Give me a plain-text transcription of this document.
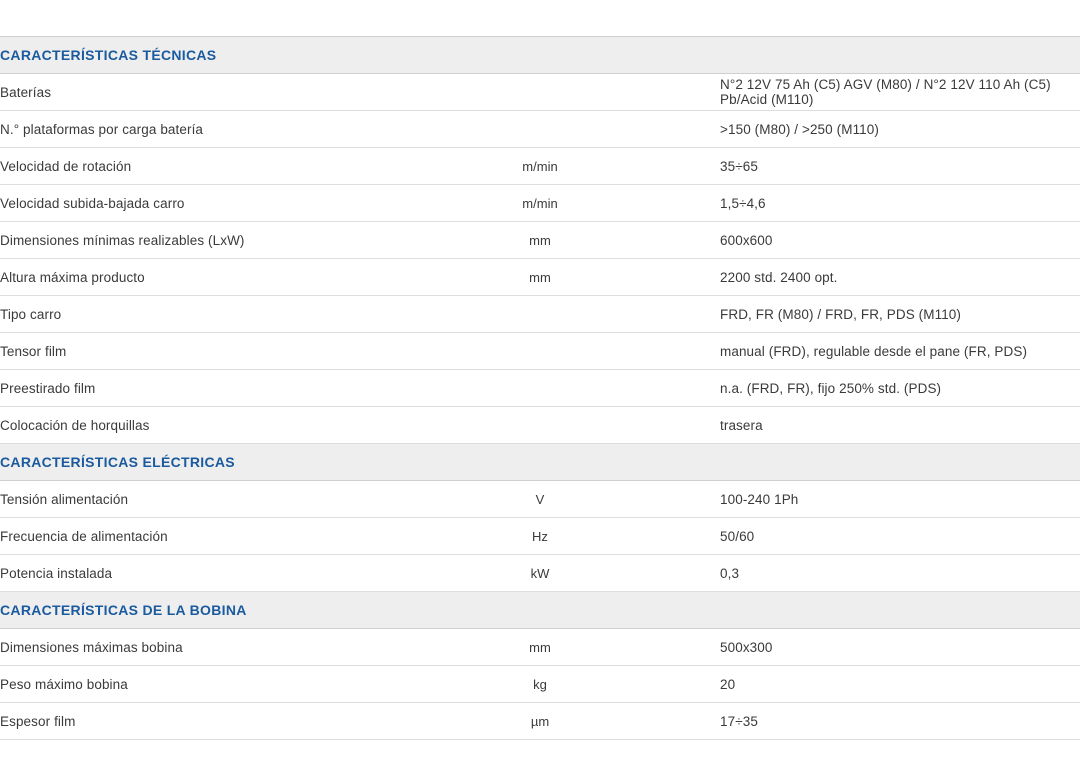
CARACTERÍSTICAS TÉCNICAS		
Baterías		N°2 12V 75 Ah (C5) AGV (M80) / N°2 12V 110 Ah (C5) Pb/Acid (M110)
N.° plataformas por carga batería		>150 (M80) / >250 (M110)
Velocidad de rotación	m/min	35÷65
Velocidad subida-bajada carro	m/min	1,5÷4,6
Dimensiones mínimas realizables (LxW)	mm	600x600
Altura máxima producto	mm	2200 std. 2400 opt.
Tipo carro		FRD, FR (M80) / FRD, FR, PDS (M110)
Tensor film		manual (FRD), regulable desde el pane (FR, PDS)
Preestirado film		n.a. (FRD, FR), fijo 250% std. (PDS)
Colocación de horquillas		trasera
CARACTERÍSTICAS ELÉCTRICAS		
Tensión alimentación	V	100-240 1Ph
Frecuencia de alimentación	Hz	50/60
Potencia instalada	kW	0,3
CARACTERÍSTICAS DE LA BOBINA		
Dimensiones máximas bobina	mm	500x300
Peso máximo bobina	kg	20
Espesor film	µm	17÷35
